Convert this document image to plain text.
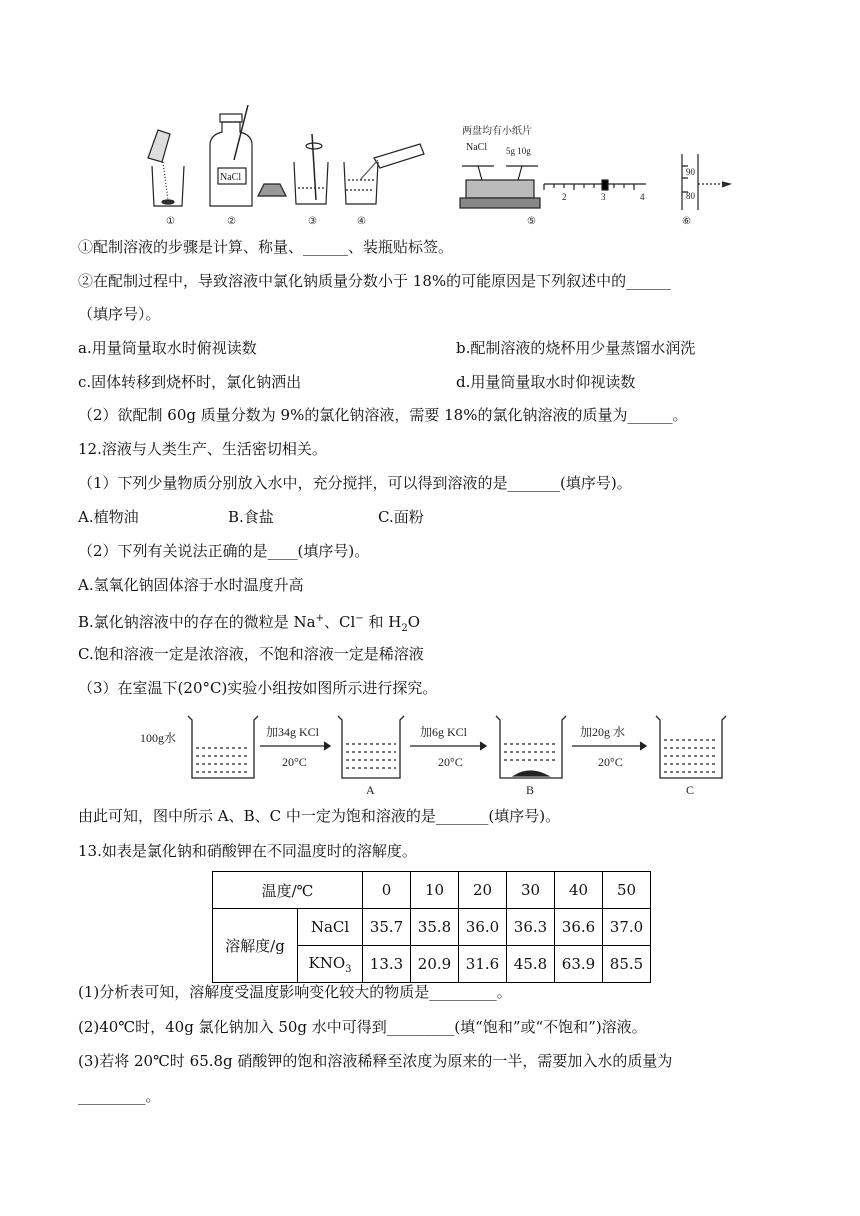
NaCl
两盘均有小纸片
NaCl 5g 10g
2	3	4
90
80
①	②	③	④	⑤	⑥
①配制溶液的步骤是计算、称量、______、装瓶贴标签。
②在配制过程中，导致溶液中氯化钠质量分数小于 18%的可能原因是下列叙述中的______
（填序号）。
a.用量筒量取水时俯视读数	b.配制溶液的烧杯用少量蒸馏水润洗
c.固体转移到烧杯时，氯化钠洒出	d.用量筒量取水时仰视读数
（2）欲配制 60g 质量分数为 9%的氯化钠溶液，需要 18%的氯化钠溶液的质量为______。
12.溶液与人类生产、生活密切相关。
（1）下列少量物质分别放入水中，充分搅拌，可以得到溶液的是_______(填序号)。
A.植物油	B.食盐	C.面粉
（2）下列有关说法正确的是____(填序号)。
A.氢氧化钠固体溶于水时温度升高
B.氯化钠溶液中的存在的微粒是 Na+、Cl− 和 $H_2O$
C.饱和溶液一定是浓溶液，不饱和溶液一定是稀溶液
（3）在室温下(20°C)实验小组按如图所示进行探究。
100g水	加34g KCl	加6g KCl	加20g 水
20°C	20°C	20°C
A	B	C
由此可知，图中所示 A、B、C 中一定为饱和溶液的是_______(填序号)。
13.如表是氯化钠和硝酸钾在不同温度时的溶解度。
温度/℃		0	10	20	30	40	50
溶解度/g	NaCl	35.7	35.8	36.0	36.3	36.6	37.0
	$KNO_3$	13.3	20.9	31.6	45.8	63.9	85.5
(1)分析表可知，溶解度受温度影响变化较大的物质是_________。
(2)40℃时，40g 氯化钠加入 50g 水中可得到_________(填“饱和”或“不饱和”)溶液。
(3)若将 20℃时 65.8g 硝酸钾的饱和溶液稀释至浓度为原来的一半，需要加入水的质量为
_________。
